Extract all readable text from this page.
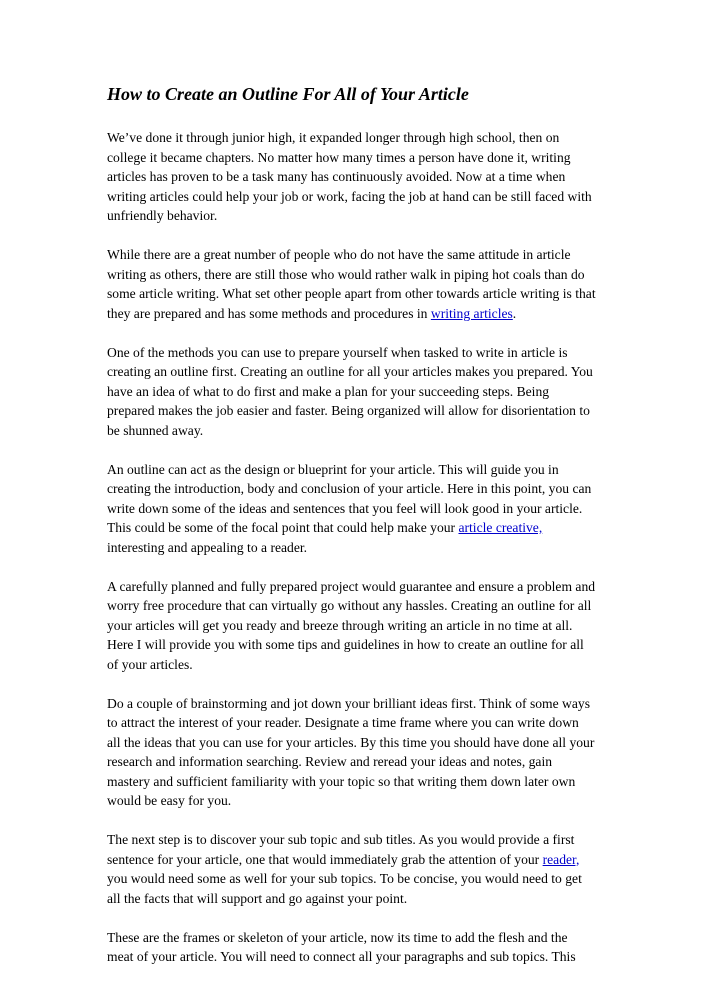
How to Create an Outline For All of Your Article

We’ve done it through junior high, it expanded longer through high school, then on
college it became chapters. No matter how many times a person have done it, writing
articles has proven to be a task many has continuously avoided. Now at a time when
writing articles could help your job or work, facing the job at hand can be still faced with
unfriendly behavior.

While there are a great number of people who do not have the same attitude in article
writing as others, there are still those who would rather walk in piping hot coals than do
some article writing. What set other people apart from other towards article writing is that
they are prepared and has some methods and procedures in writing articles.

One of the methods you can use to prepare yourself when tasked to write in article is
creating an outline first. Creating an outline for all your articles makes you prepared. You
have an idea of what to do first and make a plan for your succeeding steps. Being
prepared makes the job easier and faster. Being organized will allow for disorientation to
be shunned away.

An outline can act as the design or blueprint for your article. This will guide you in
creating the introduction, body and conclusion of your article. Here in this point, you can
write down some of the ideas and sentences that you feel will look good in your article.
This could be some of the focal point that could help make your article creative,
interesting and appealing to a reader.

A carefully planned and fully prepared project would guarantee and ensure a problem and
worry free procedure that can virtually go without any hassles. Creating an outline for all
your articles will get you ready and breeze through writing an article in no time at all.
Here I will provide you with some tips and guidelines in how to create an outline for all
of your articles.

Do a couple of brainstorming and jot down your brilliant ideas first. Think of some ways
to attract the interest of your reader. Designate a time frame where you can write down
all the ideas that you can use for your articles. By this time you should have done all your
research and information searching. Review and reread your ideas and notes, gain
mastery and sufficient familiarity with your topic so that writing them down later own
would be easy for you.

The next step is to discover your sub topic and sub titles. As you would provide a first
sentence for your article, one that would immediately grab the attention of your reader,
you would need some as well for your sub topics. To be concise, you would need to get
all the facts that will support and go against your point.

These are the frames or skeleton of your article, now its time to add the flesh and the
meat of your article. You will need to connect all your paragraphs and sub topics. This
